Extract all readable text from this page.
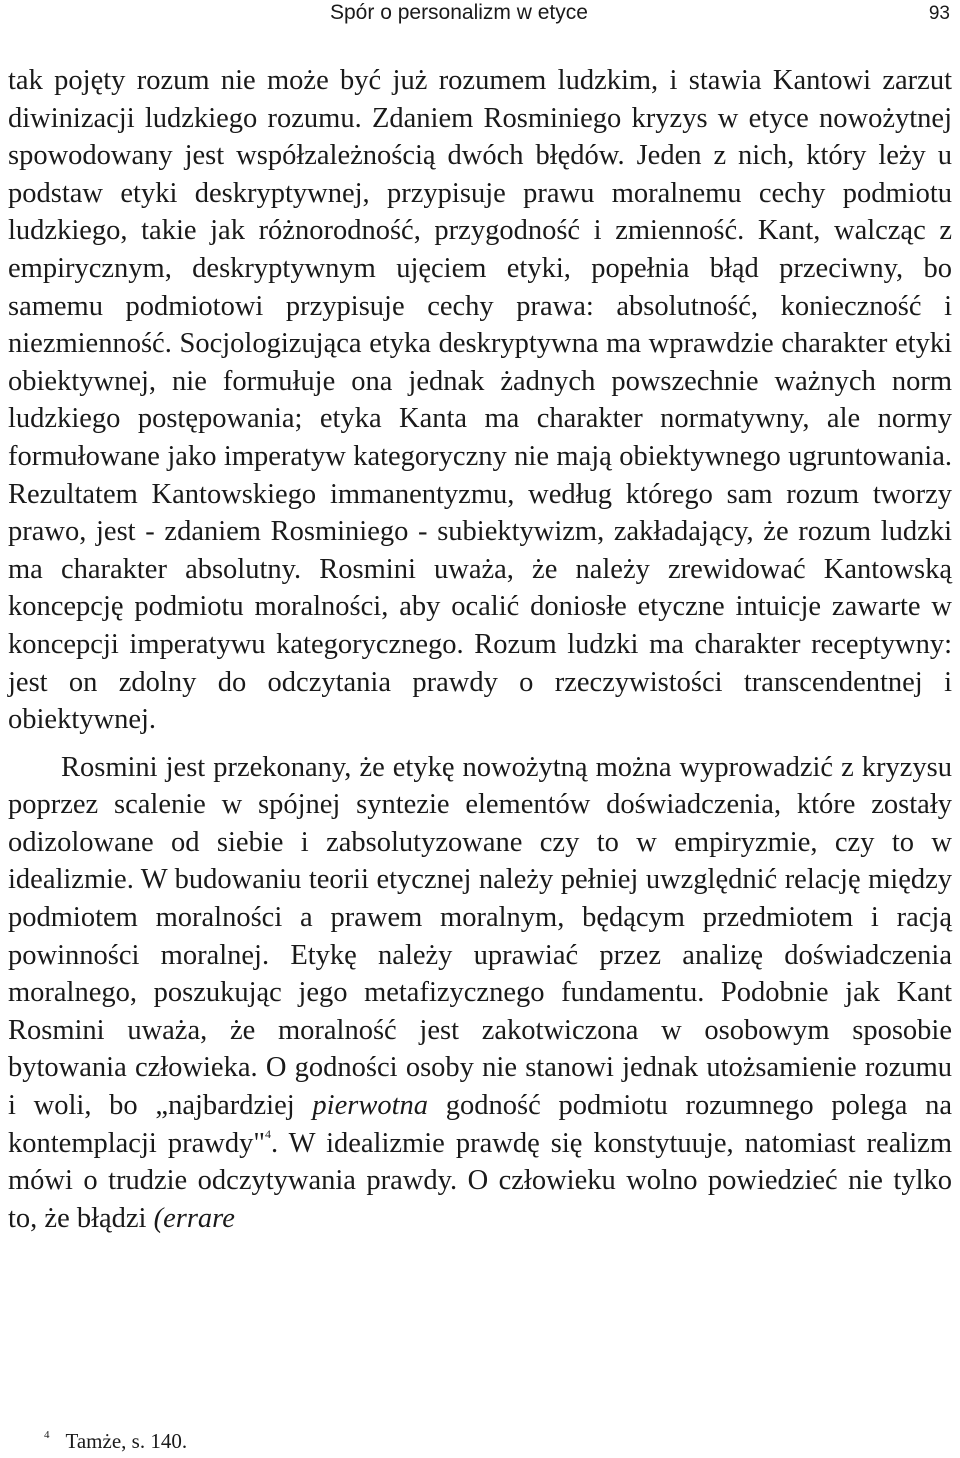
Spór o personalizm w etyce	93

tak pojęty rozum nie może być już rozumem ludzkim, i stawia Kantowi zarzut diwinizacji ludzkiego rozumu. Zdaniem Rosminiego kryzys w etyce nowożytnej spowodowany jest współzależnością dwóch błędów. Jeden z nich, który leży u podstaw etyki deskryptywnej, przypisuje prawu moralnemu cechy podmiotu ludzkiego, takie jak różnorodność, przygodność i zmienność. Kant, walcząc z empirycznym, deskryptywnym ujęciem etyki, popełnia błąd przeciwny, bo samemu podmiotowi przypisuje cechy prawa: absolutność, konieczność i niezmienność. Socjologizująca etyka deskryptywna ma wprawdzie charakter etyki obiektywnej, nie formułuje ona jednak żadnych powszechnie ważnych norm ludzkiego postępowania; etyka Kanta ma charakter normatywny, ale normy formułowane jako imperatyw kategoryczny nie mają obiektywnego ugruntowania. Rezultatem Kantowskiego immanentyzmu, według którego sam rozum tworzy prawo, jest - zdaniem Rosminiego - subiektywizm, zakładający, że rozum ludzki ma charakter absolutny. Rosmini uważa, że należy zrewidować Kantowską koncepcję podmiotu moralności, aby ocalić doniosłe etyczne intuicje zawarte w koncepcji imperatywu kategorycznego. Rozum ludzki ma charakter receptywny: jest on zdolny do odczytania prawdy o rzeczywistości transcendentnej i obiektywnej.

Rosmini jest przekonany, że etykę nowożytną można wyprowadzić z kryzysu poprzez scalenie w spójnej syntezie elementów doświadczenia, które zostały odizolowane od siebie i zabsolutyzowane czy to w empiryzmie, czy to w idealizmie. W budowaniu teorii etycznej należy pełniej uwzględnić relację między podmiotem moralności a prawem moralnym, będącym przedmiotem i racją powinności moralnej. Etykę należy uprawiać przez analizę doświadczenia moralnego, poszukując jego metafizycznego fundamentu. Podobnie jak Kant Rosmini uważa, że moralność jest zakotwiczona w osobowym sposobie bytowania człowieka. O godności osoby nie stanowi jednak utożsamienie rozumu i woli, bo „najbardziej pierwotna godność podmiotu rozumnego polega na kontemplacji prawdy"$^4$. W idealizmie prawdę się konstytuuje, natomiast realizm mówi o trudzie odczytywania prawdy. O człowieku wolno powiedzieć nie tylko to, że błądzi (errare

$^4$ Tamże, s. 140.
